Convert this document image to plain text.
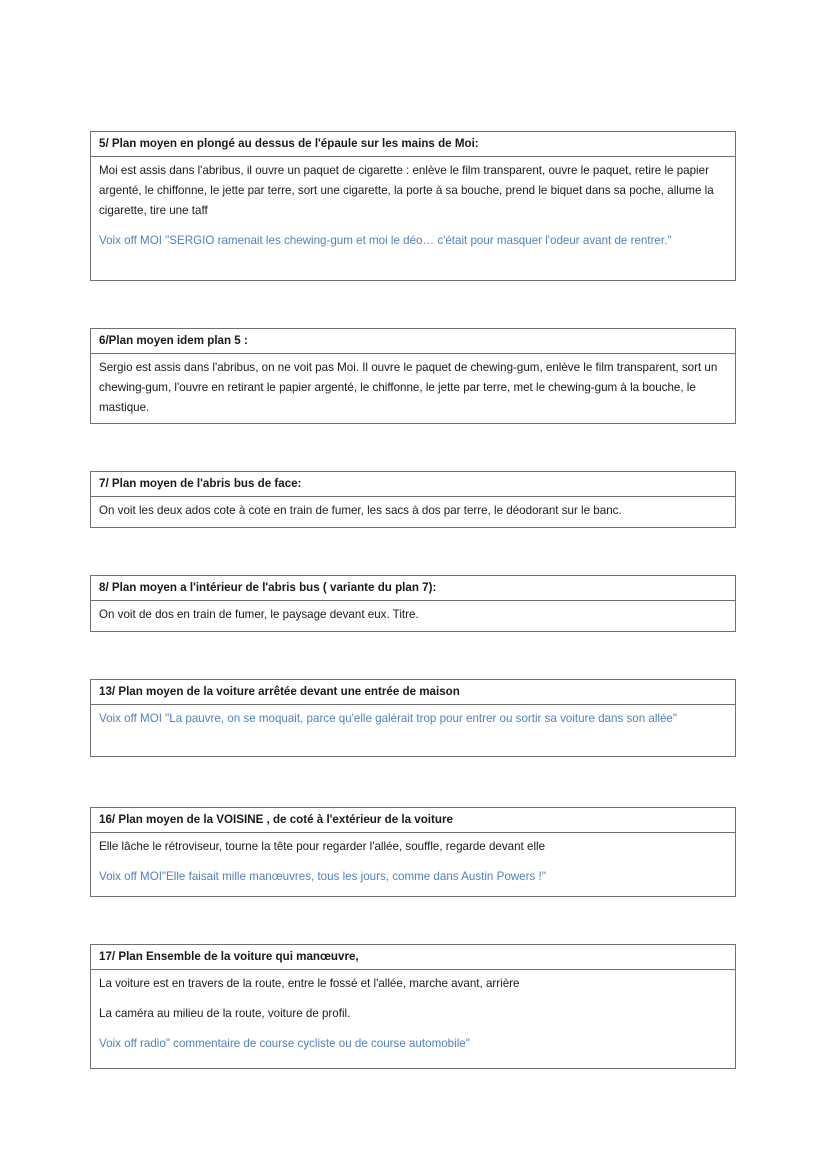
5/ Plan moyen en plongé au dessus de l'épaule sur les mains de Moi:

Moi est assis dans l'abribus, il ouvre un paquet de cigarette : enlève le film transparent, ouvre le paquet, retire le papier argenté, le chiffonne, le jette par terre, sort une cigarette, la porte à sa bouche, prend le biquet dans sa poche, allume la cigarette, tire une taff

Voix off MOI "SERGIO ramenait les chewing-gum et moi le déo… c'était pour masquer l'odeur avant de rentrer."

6/Plan moyen idem plan 5 :

Sergio est assis dans l'abribus, on ne voit pas Moi. Il ouvre le paquet de chewing-gum, enlève le film transparent, sort un chewing-gum, l'ouvre en retirant le papier argenté, le chiffonne, le jette par terre, met le chewing-gum à la bouche, le mastique.

7/ Plan moyen de l'abris bus de face:

On voit les deux ados cote à cote en train de fumer, les sacs à dos par terre, le déodorant sur le banc.

8/ Plan moyen a l'intérieur de l'abris bus ( variante du plan 7):

On voit de dos en train de fumer, le paysage devant eux. Titre.

13/ Plan moyen de la voiture arrêtée devant une entrée de maison

Voix off MOI "La pauvre, on se moquait, parce qu'elle galérait trop pour entrer ou sortir sa voiture dans son allée"

16/ Plan moyen de la VOISINE , de coté à l'extérieur de la voiture

Elle lâche le rétroviseur, tourne la tête pour regarder l'allée, souffle, regarde devant elle

Voix off MOI"Elle faisait mille manœuvres, tous les jours, comme dans Austin Powers !"

17/ Plan Ensemble de la voiture qui manœuvre,

La voiture est en travers de la route, entre le fossé et l'allée, marche avant, arrière

La caméra au milieu de la route, voiture de profil.

Voix off radio" commentaire de course cycliste ou de course automobile"
